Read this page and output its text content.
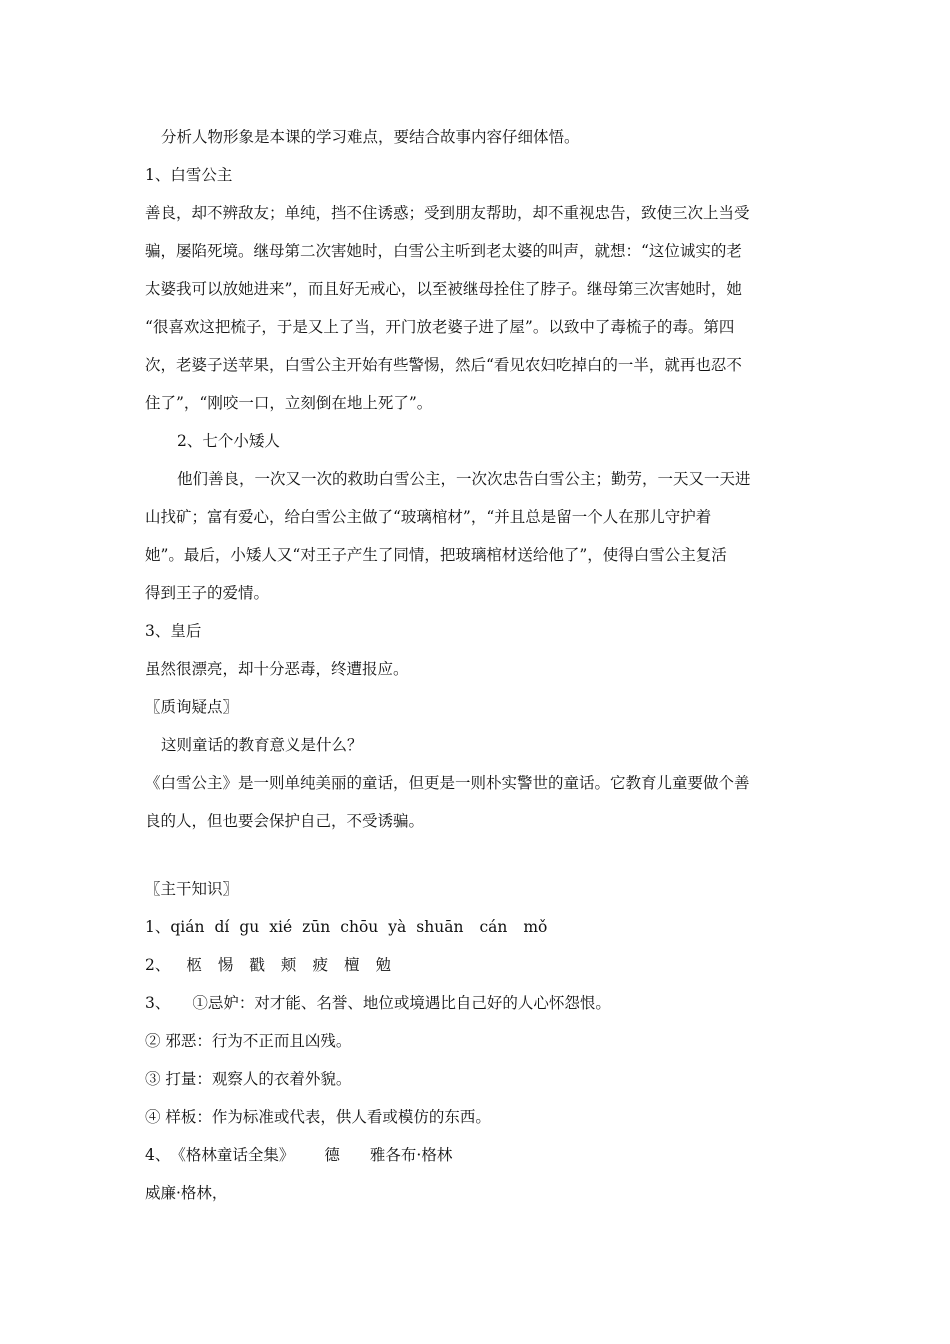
分析人物形象是本课的学习难点，要结合故事内容仔细体悟。

1、白雪公主

善良，却不辨敌友；单纯，挡不住诱惑；受到朋友帮助，却不重视忠告，致使三次上当受

骗，屡陷死境。继母第二次害她时，白雪公主听到老太婆的叫声，就想：“这位诚实的老

太婆我可以放她进来”，而且好无戒心，以至被继母拴住了脖子。继母第三次害她时，她

“很喜欢这把梳子，于是又上了当，开门放老婆子进了屋”。以致中了毒梳子的毒。第四

次，老婆子送苹果，白雪公主开始有些警惕，然后“看见农妇吃掉白的一半，就再也忍不

住了”，“刚咬一口，立刻倒在地上死了”。

2、七个小矮人

他们善良，一次又一次的救助白雪公主，一次次忠告白雪公主；勤劳，一天又一天进

山找矿；富有爱心，给白雪公主做了“玻璃棺材”，“并且总是留一个人在那儿守护着

她”。最后，小矮人又“对王子产生了同情，把玻璃棺材送给他了”，使得白雪公主复活

得到王子的爱情。

3、皇后

虽然很漂亮，却十分恶毒，终遭报应。

〖质询疑点〗

这则童话的教育意义是什么？

《白雪公主》是一则单纯美丽的童话，但更是一则朴实警世的童话。它教育儿童要做个善

良的人，但也要会保护自己，不受诱骗。

〖主干知识〗

1、 qián dí gu xié zūn chōu yà shuān cán mǒ
2、 柩 惕 戳 颊 疲 檀 勉
3、 ①忌妒：对才能、名誉、地位或境遇比自己好的人心怀怨恨。

② 邪恶：行为不正而且凶残。

③ 打量：观察人的衣着外貌。

④ 样板：作为标准或代表，供人看或模仿的东西。

4、 《格林童话全集》 德 雅各布·格林

威廉·格林，
